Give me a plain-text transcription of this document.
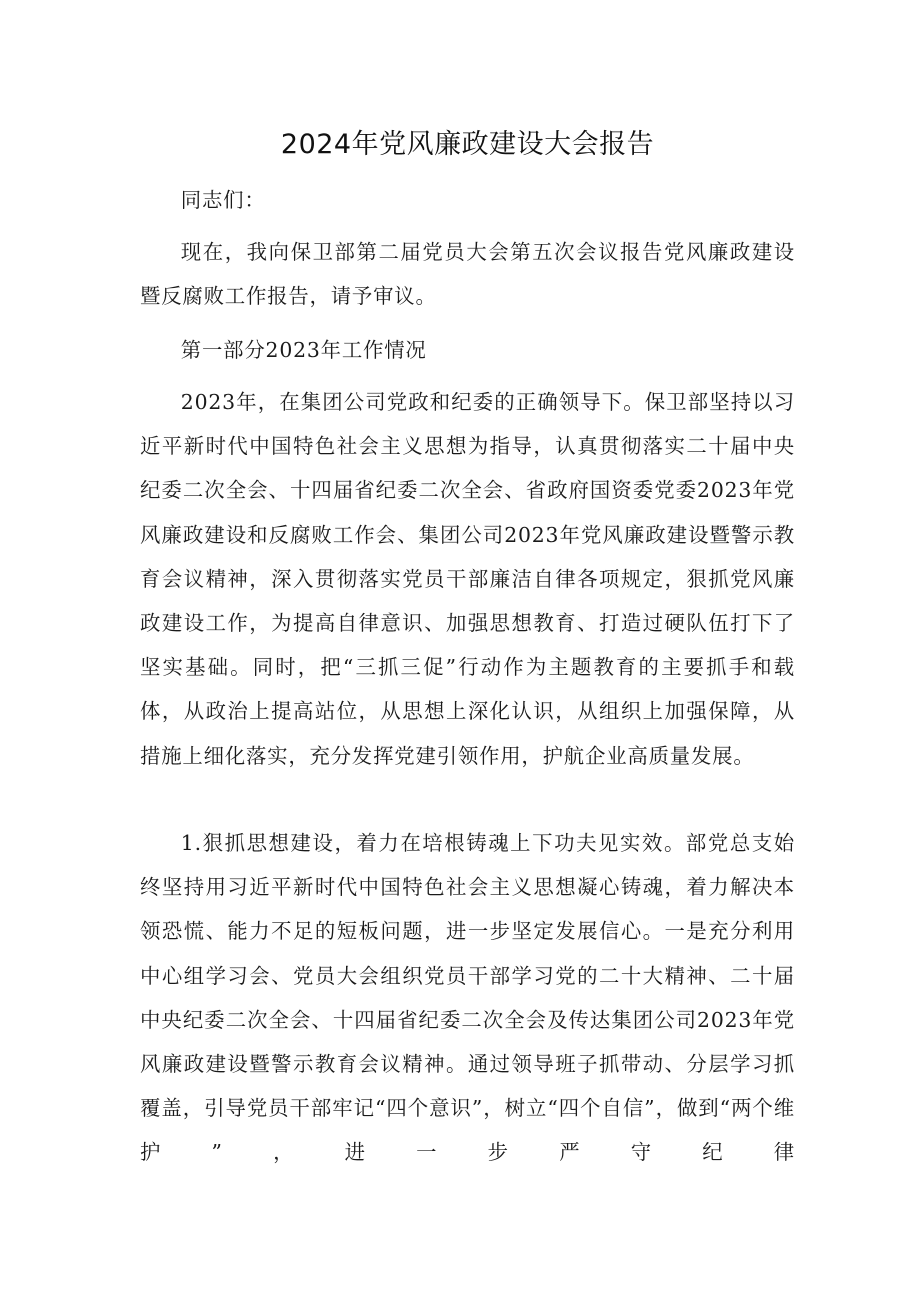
2024年党风廉政建设大会报告
同志们：
现在，我向保卫部第二届党员大会第五次会议报告党风廉政建设暨反腐败工作报告，请予审议。
第一部分2023年工作情况
2023年，在集团公司党政和纪委的正确领导下。保卫部坚持以习近平新时代中国特色社会主义思想为指导，认真贯彻落实二十届中央纪委二次全会、十四届省纪委二次全会、省政府国资委党委2023年党风廉政建设和反腐败工作会、集团公司2023年党风廉政建设暨警示教育会议精神，深入贯彻落实党员干部廉洁自律各项规定，狠抓党风廉政建设工作，为提高自律意识、加强思想教育、打造过硬队伍打下了坚实基础。同时，把“三抓三促”行动作为主题教育的主要抓手和载体，从政治上提高站位，从思想上深化认识，从组织上加强保障，从措施上细化落实，充分发挥党建引领作用，护航企业高质量发展。
1.狠抓思想建设，着力在培根铸魂上下功夫见实效。部党总支始终坚持用习近平新时代中国特色社会主义思想凝心铸魂，着力解决本领恐慌、能力不足的短板问题，进一步坚定发展信心。一是充分利用中心组学习会、党员大会组织党员干部学习党的二十大精神、二十届中央纪委二次全会、十四届省纪委二次全会及传达集团公司2023年党风廉政建设暨警示教育会议精神。通过领导班子抓带动、分层学习抓覆盖，引导党员干部牢记“四个意识”，树立“四个自信”，做到“两个维护”，进一步严守纪律
